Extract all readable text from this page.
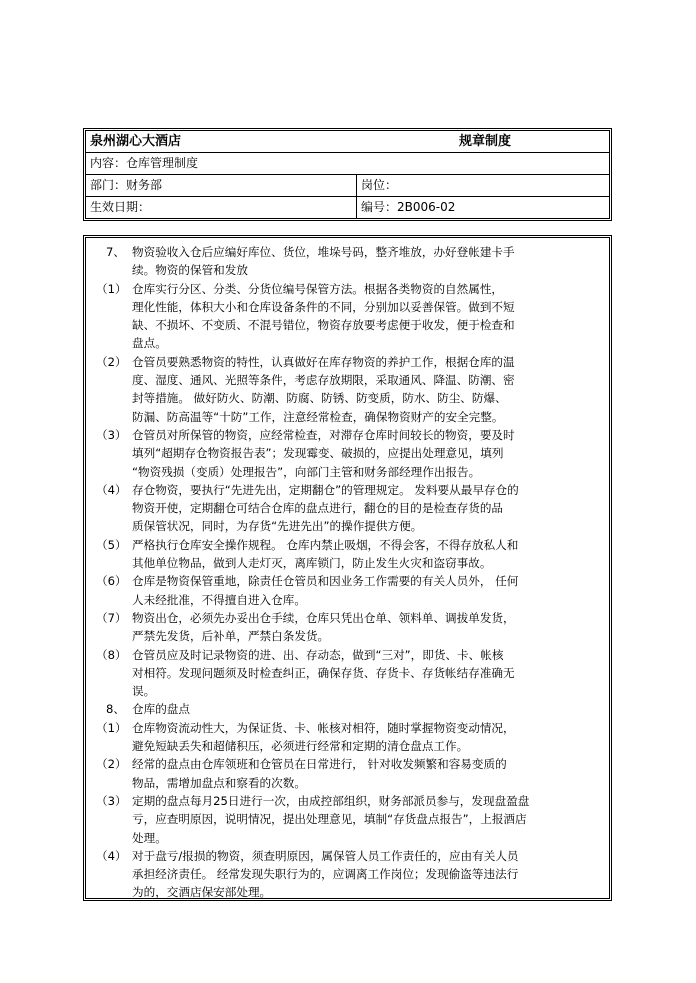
泉州湖心大酒店	规章制度
内容：仓库管理制度
部门：财务部	岗位：
生效日期：	编号：2B006-02
7、 物资验收入仓后应编好库位、货位，堆垛号码，整齐堆放，办好登帐建卡手
续。物资的保管和发放
（1） 仓库实行分区、分类、分货位编号保管方法。根据各类物资的自然属性，
理化性能，体积大小和仓库设备条件的不同，分别加以妥善保管。做到不短
缺、不损坏、不变质、不混号错位，物资存放要考虑便于收发，便于检查和
盘点。
（2） 仓管员要熟悉物资的特性，认真做好在库存物资的养护工作，根据仓库的温
度、湿度、通风、光照等条件，考虑存放期限，采取通风、降温、防潮、密
封等措施。 做好防火、防潮、防腐、防锈、防变质，防水、防尘、防爆、
防漏、防高温等“十防”工作，注意经常检查，确保物资财产的安全完整。
（3） 仓管员对所保管的物资，应经常检查，对滞存仓库时间较长的物资，要及时
填列“超期存仓物资报告表”；发现霉变、破损的，应提出处理意见，填列
“物资残损（变质）处理报告”，向部门主管和财务部经理作出报告。
（4） 存仓物资，要执行“先进先出，定期翻仓”的管理规定。 发料要从最早存仓的
物资开使，定期翻仓可结合仓库的盘点进行，翻仓的目的是检查存货的品
质保管状况，同时，为存货“先进先出”的操作提供方便。
（5） 严格执行仓库安全操作规程。 仓库内禁止吸烟，不得会客，不得存放私人和
其他单位物品，做到人走灯灭，离库锁门，防止发生火灾和盗窃事故。
（6） 仓库是物资保管重地，除责任仓管员和因业务工作需要的有关人员外， 任何
人未经批准，不得擅自进入仓库。
（7） 物资出仓，必须先办妥出仓手续，仓库只凭出仓单、领料单、调拔单发货，
严禁先发货，后补单，严禁白条发货。
（8） 仓管员应及时记录物资的进、出、存动态，做到“三对”，即货、卡、帐核
对相符。发现问题须及时检查纠正，确保存货、存货卡、存货帐结存准确无
误。
8、 仓库的盘点
（1） 仓库物资流动性大，为保证货、卡、帐核对相符，随时掌握物资变动情况，
避免短缺丢失和超储积压，必须进行经常和定期的清仓盘点工作。
（2） 经常的盘点由仓库领班和仓管员在日常进行， 针对收发频繁和容易变质的
物品，需增加盘点和察看的次数。
（3） 定期的盘点每月25日进行一次，由成控部组织，财务部派员参与，发现盘盈盘
亏，应查明原因，说明情况，提出处理意见，填制“存货盘点报告”，上报酒店
处理。
（4） 对于盘亏/报损的物资，须查明原因，属保管人员工作责任的，应由有关人员
承担经济责任。 经常发现失职行为的，应调离工作岗位；发现偷盗等违法行
为的，交酒店保安部处理。
